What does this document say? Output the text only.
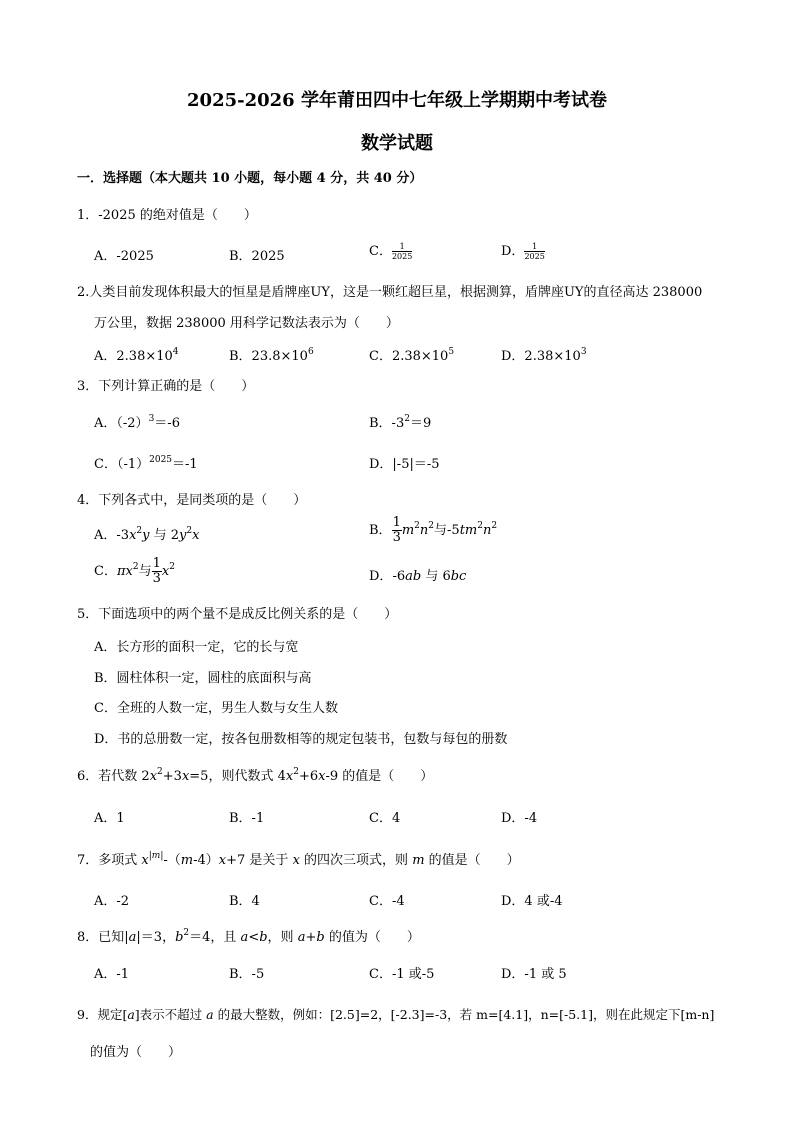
2025-2026 学年莆田四中七年级上学期期中考试卷
数学试题
一．选择题（本大题共 10 小题，每小题 4 分，共 40 分）
1．-2025 的绝对值是（　　）
A．-2025	B．2025	C． $\frac{1}{2025}$	D． $\frac{1}{2025}$
2.人类目前发现体积最大的恒星是盾牌座UY，这是一颗红超巨星，根据测算，盾牌座UY的直径高达 238000
万公里，数据 238000 用科学记数法表示为（　　）
A．$2.38\times 10^4$	B．$23.8\times 10^6$	C．$2.38\times 10^5$	D．$2.38\times 10^3$
3．下列计算正确的是（　　）
A．$(-2)^3=-6$	B．$-3^2=9$
C．$(-1)^{2025}=-1$	D．|-5|＝-5
4．下列各式中，是同类项的是（　　）
A．$-3x^2y$ 与 $2y^2x$	B． $\frac{1}{3} m^2n^2$与$-5tm^2n^2$
C．$\pi x^2$与 $\frac{1}{3} x^2$
D．-6ab 与 6bc
5．下面选项中的两个量不是成反比例关系的是（　　）
A．长方形的面积一定，它的长与宽
B．圆柱体积一定，圆柱的底面积与高
C．全班的人数一定，男生人数与女生人数
D．书的总册数一定，按各包册数相等的规定包装书，包数与每包的册数
6．若代数 $2x^2+3x=5$，则代数式 $4x^2+6x-9$ 的值是（　　）
A．1	B．-1	C．4	D．-4
7．多项式 $x^{|m|}-(m-4)x+7$ 是关于 x 的四次三项式，则 m 的值是（　　）
A．-2	B．4	C．-4	D．4 或-4
8．已知|a|＝3，$b^2=4$，且 a<b，则 a+b 的值为（　　）
A．-1	B．-5	C．-1 或-5	D．-1 或 5
9．规定[a]表示不超过 a 的最大整数，例如：[2.5]=2，[-2.3]=-3，若 m=[4.1]，n=[-5.1]，则在此规定下[m-n]
的值为（　　）
